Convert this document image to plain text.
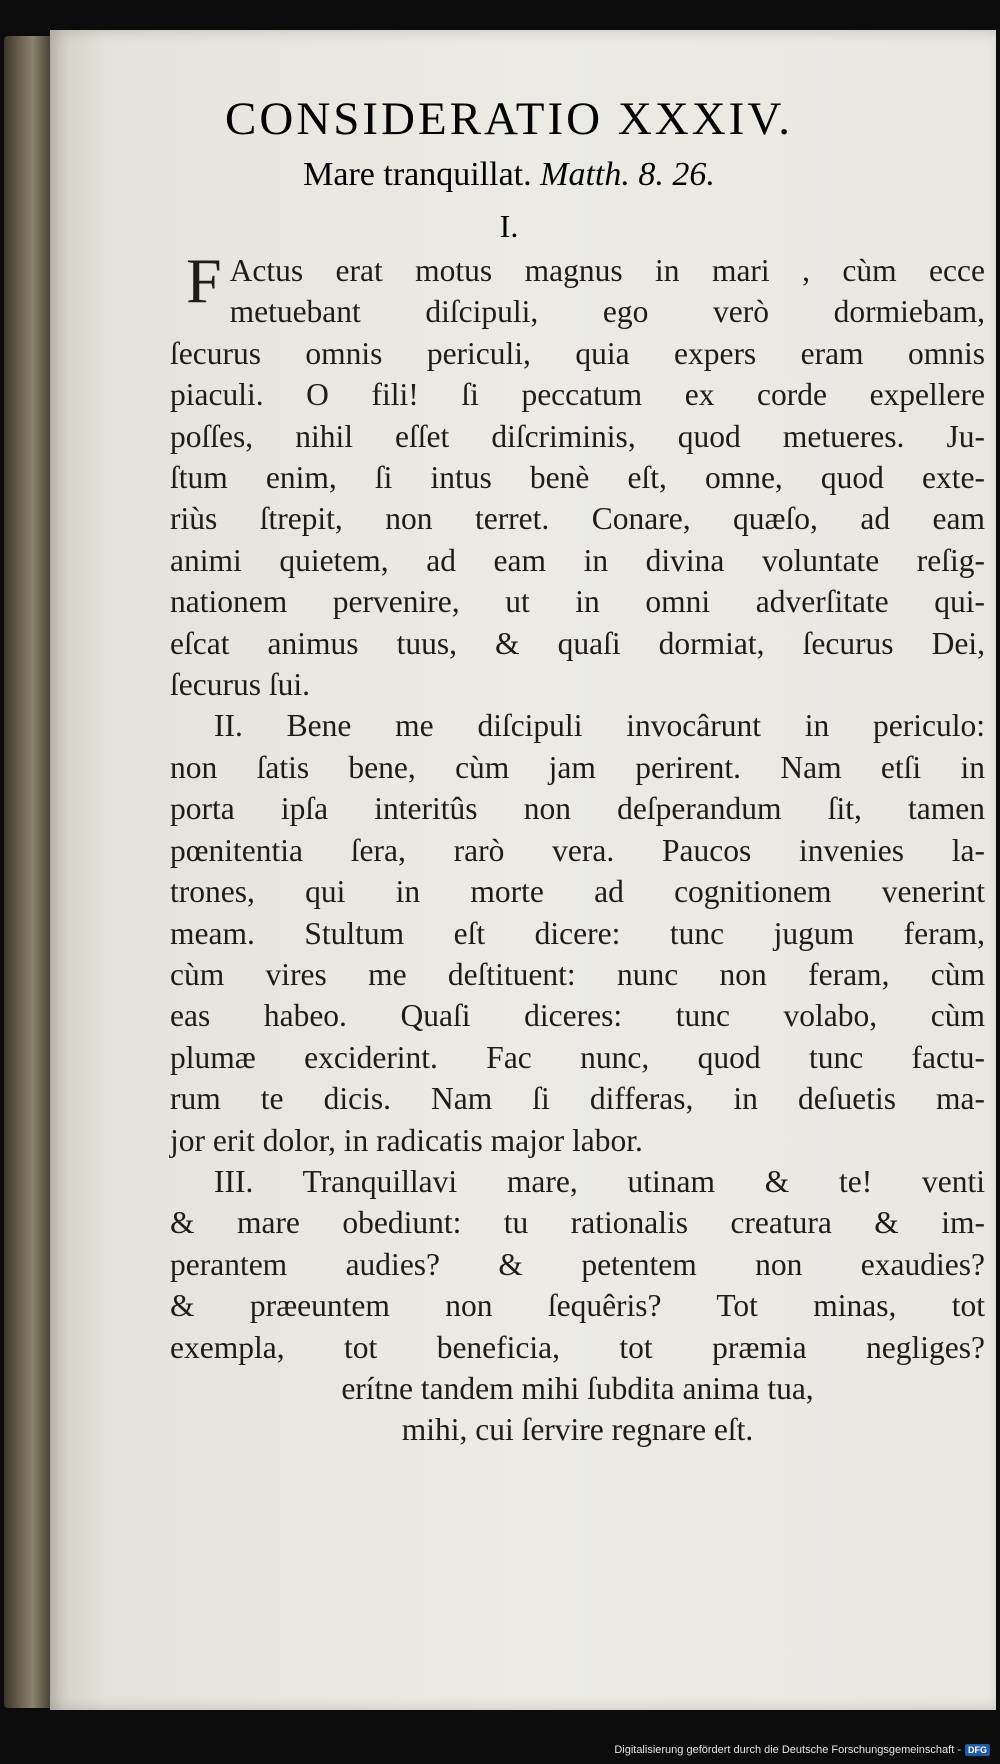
CONSIDERATIO XXXIV.
Mare tranquillat. Matth. 8. 26.
I.
F Actus erat motus magnus in mari , cùm ecce
metuebant diſcipuli, ego verò dormiebam,
ſecurus omnis periculi, quia expers eram omnis
piaculi. O fili! ſi peccatum ex corde expellere
poſſes, nihil eſſet diſcriminis, quod metueres. Ju-
ſtum enim, ſi intus benè eſt, omne, quod exte-
riùs ſtrepit, non terret. Conare, quæſo, ad eam
animi quietem, ad eam in divina voluntate reſig-
nationem pervenire, ut in omni adverſitate qui-
eſcat animus tuus, & quaſi dormiat, ſecurus Dei,
ſecurus ſui.
II. Bene me diſcipuli invocârunt in periculo:
non ſatis bene, cùm jam perirent. Nam etſi in
porta ipſa interitûs non deſperandum ſit, tamen
pœnitentia ſera, rarò vera. Paucos invenies la-
trones, qui in morte ad cognitionem venerint
meam. Stultum eſt dicere: tunc jugum feram,
cùm vires me deſtituent: nunc non feram, cùm
eas habeo. Quaſi diceres: tunc volabo, cùm
plumæ exciderint. Fac nunc, quod tunc factu-
rum te dicis. Nam ſi differas, in deſuetis ma-
jor erit dolor, in radicatis major labor.
III. Tranquillavi mare, utinam & te! venti
& mare obediunt: tu rationalis creatura & im-
perantem audies? & petentem non exaudies?
& præeuntem non ſequêris? Tot minas, tot
exempla, tot beneficia, tot præmia negliges?
erítne tandem mihi ſubdita anima tua,
mihi, cui ſervire regnare eſt.
Digitalisierung gefördert durch die Deutsche Forschungsgemeinschaft - DFG
